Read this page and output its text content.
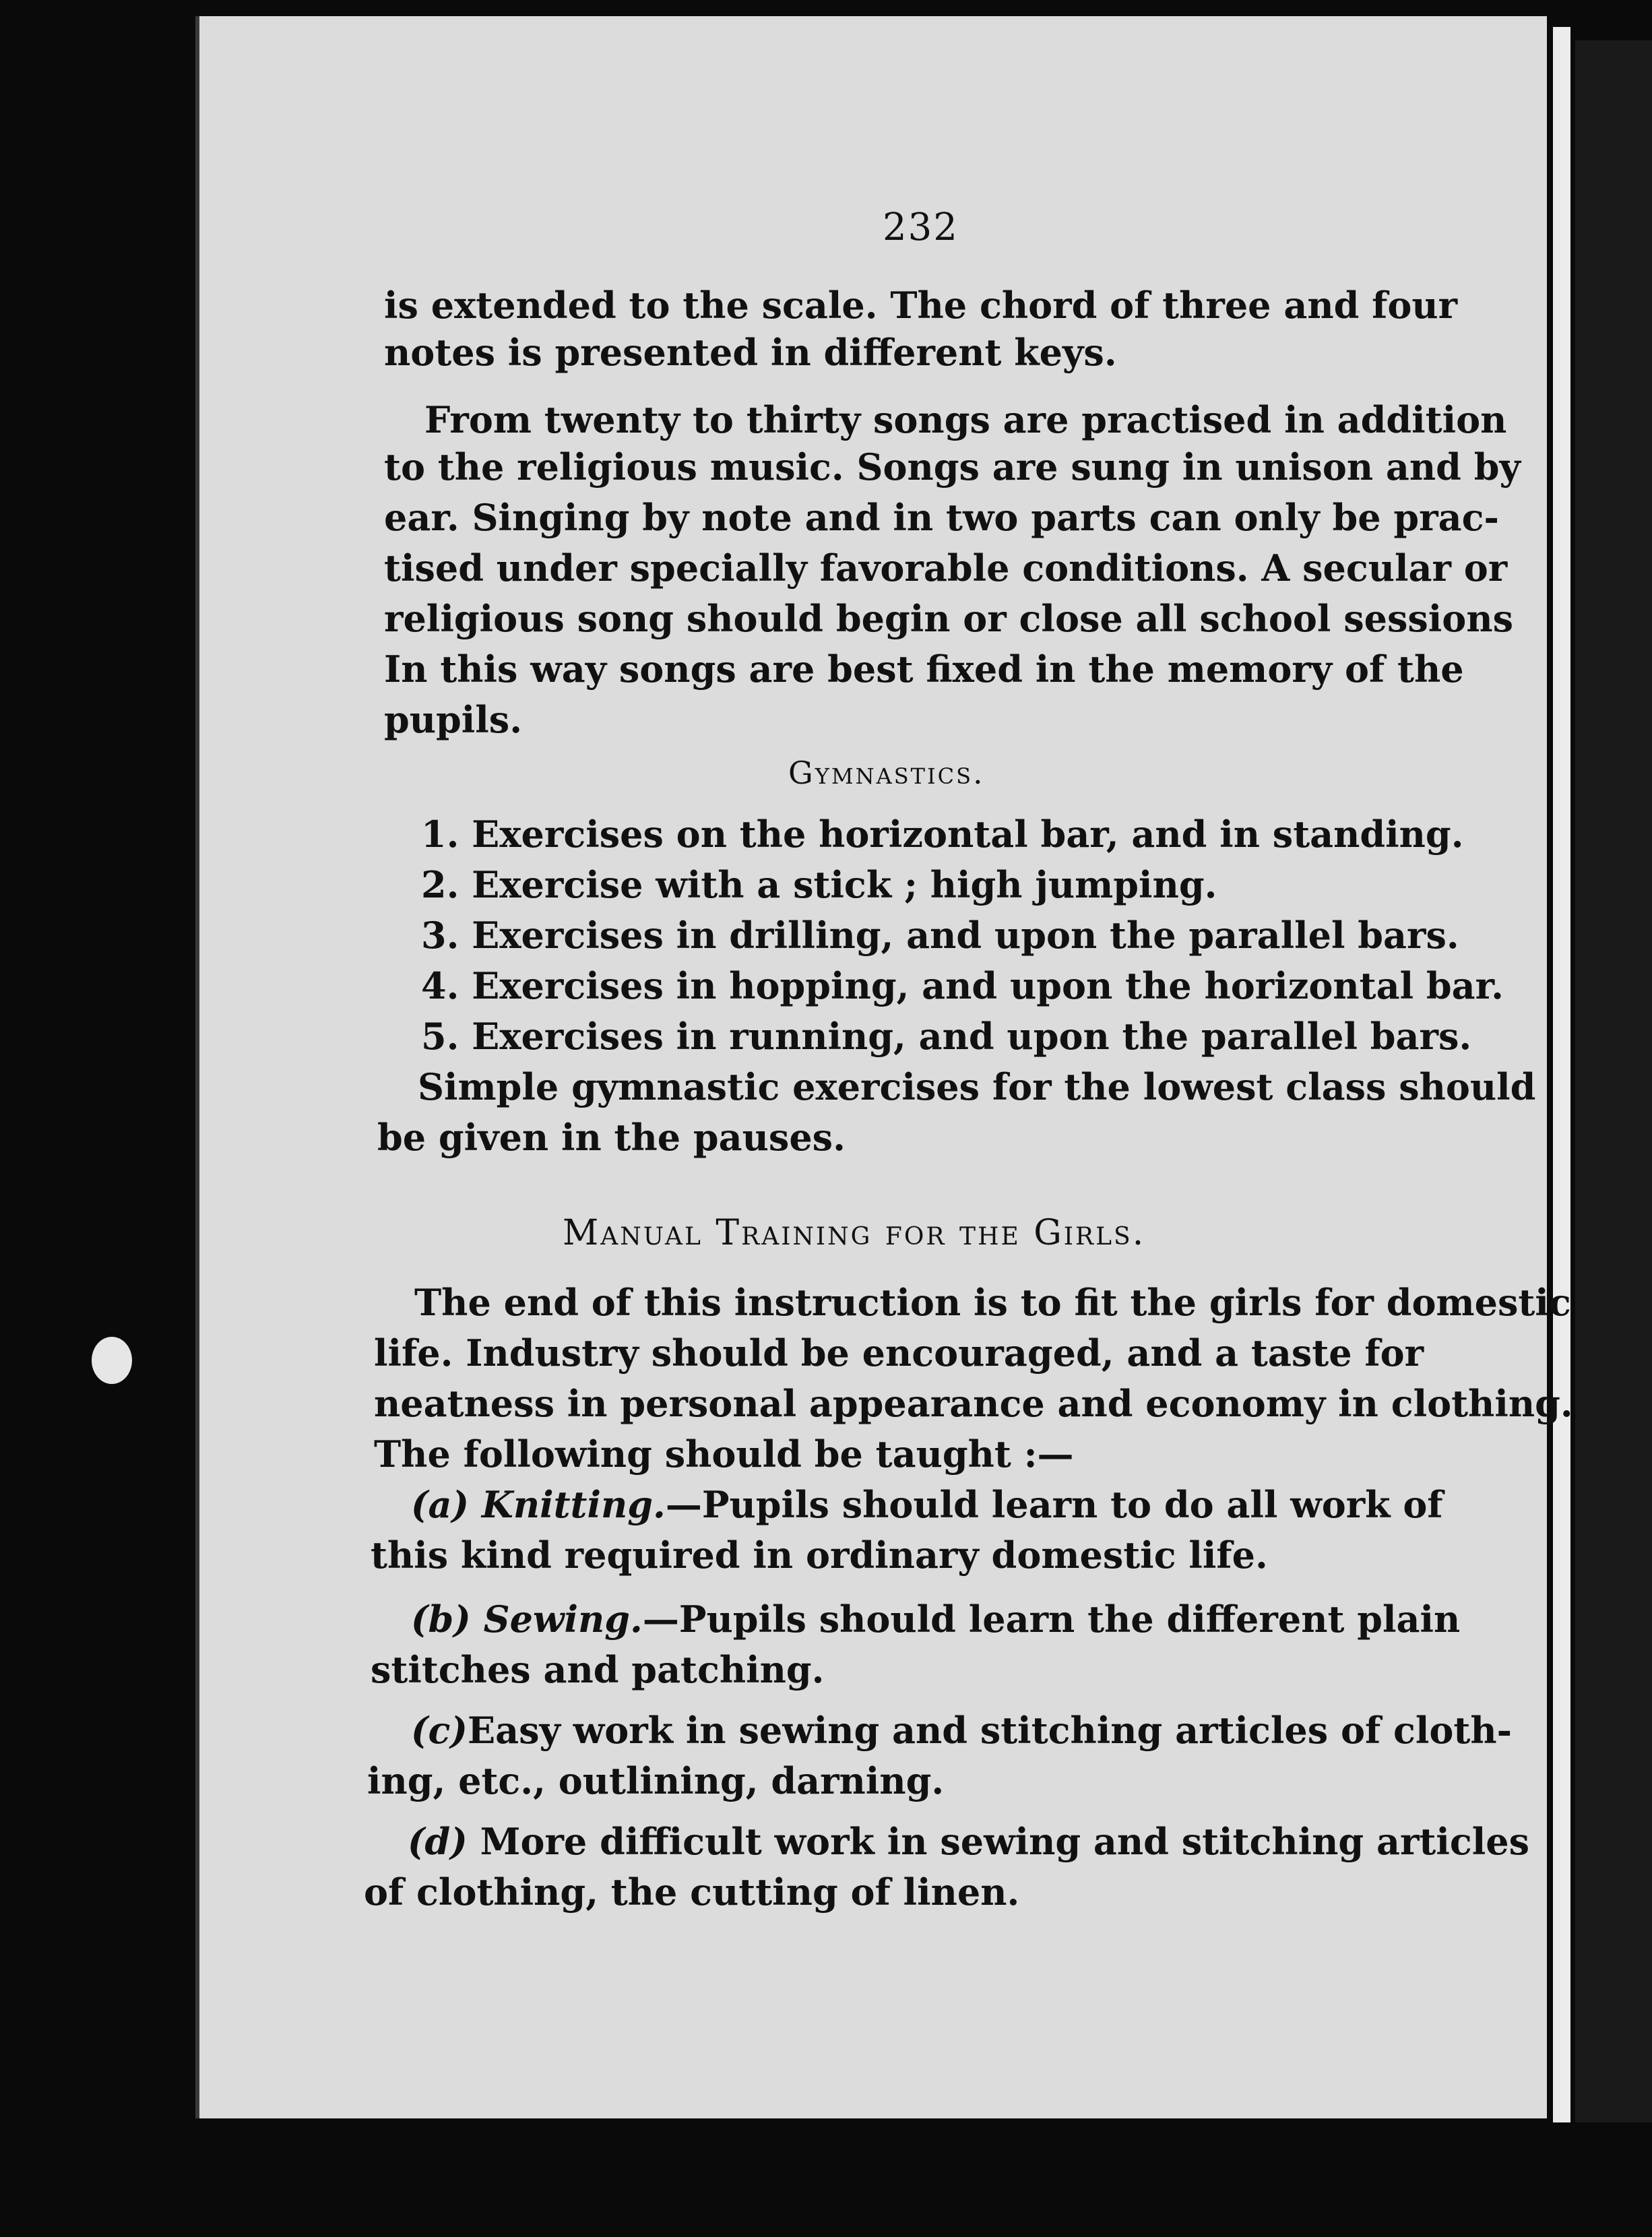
232
is extended to the scale. The chord of three and four
notes is presented in different keys.
From twenty to thirty songs are practised in addition
to the religious music. Songs are sung in unison and by
ear. Singing by note and in two parts can only be prac-
tised under specially favorable conditions. A secular or
religious song should begin or close all school sessions
In this way songs are best fixed in the memory of the
pupils.
Gymnastics.
1. Exercises on the horizontal bar, and in standing.
2. Exercise with a stick ; high jumping.
3. Exercises in drilling, and upon the parallel bars.
4. Exercises in hopping, and upon the horizontal bar.
5. Exercises in running, and upon the parallel bars.
Simple gymnastic exercises for the lowest class should
be given in the pauses.
Manual Training for the Girls.
The end of this instruction is to fit the girls for domestic
life. Industry should be encouraged, and a taste for
neatness in personal appearance and economy in clothing.
The following should be taught :—
(a) Knitting.—Pupils should learn to do all work of
this kind required in ordinary domestic life.
(b) Sewing.—Pupils should learn the different plain
stitches and patching.
(c)Easy work in sewing and stitching articles of cloth-
ing, etc., outlining, darning.
(d) More difficult work in sewing and stitching articles
of clothing, the cutting of linen.
